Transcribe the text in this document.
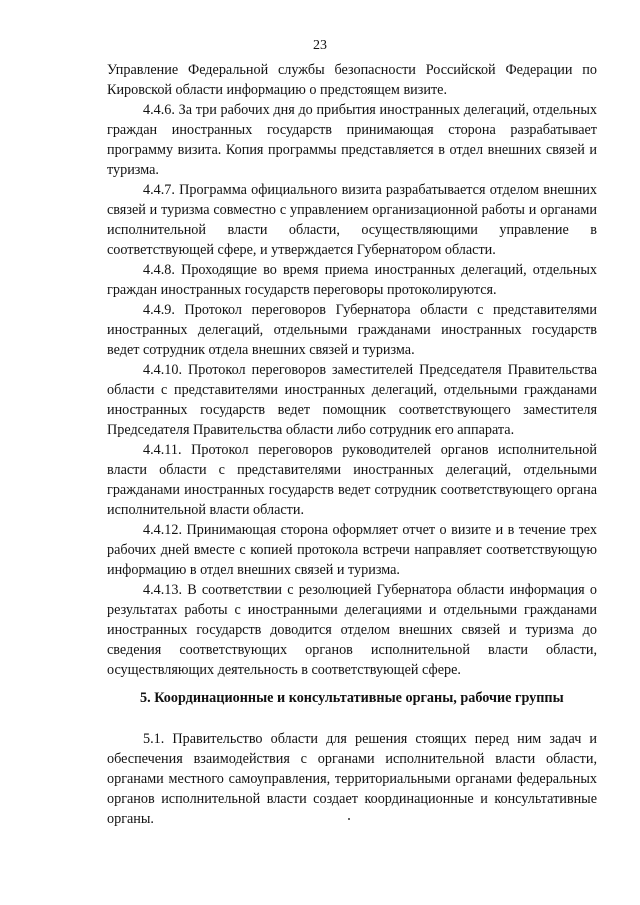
23

Управление Федеральной службы безопасности Российской Федерации по Кировской области информацию о предстоящем визите.

4.4.6. За три рабочих дня до прибытия иностранных делегаций, отдельных граждан иностранных государств принимающая сторона разрабатывает программу визита. Копия программы представляется в отдел внешних связей и туризма.

4.4.7. Программа официального визита разрабатывается отделом внешних связей и туризма совместно с управлением организационной работы и органами исполнительной власти области, осуществляющими управление в соответствующей сфере, и утверждается Губернатором области.

4.4.8. Проходящие во время приема иностранных делегаций, отдельных граждан иностранных государств переговоры протоколируются.

4.4.9. Протокол переговоров Губернатора области с представителями иностранных делегаций, отдельными гражданами иностранных государств ведет сотрудник отдела внешних связей и туризма.

4.4.10. Протокол переговоров заместителей Председателя Правительства области с представителями иностранных делегаций, отдельными гражданами иностранных государств ведет помощник соответствующего заместителя Председателя Правительства области либо сотрудник его аппарата.

4.4.11. Протокол переговоров руководителей органов исполнительной власти области с представителями иностранных делегаций, отдельными гражданами иностранных государств ведет сотрудник соответствующего органа исполнительной власти области.

4.4.12. Принимающая сторона оформляет отчет о визите и в течение трех рабочих дней вместе с копией протокола встречи направляет соответствующую информацию в отдел внешних связей и туризма.

4.4.13. В соответствии с резолюцией Губернатора области информация о результатах работы с иностранными делегациями и отдельными гражданами иностранных государств доводится отделом внешних связей и туризма до сведения соответствующих органов исполнительной власти области, осуществляющих деятельность в соответствующей сфере.

5. Координационные и консультативные органы, рабочие группы

5.1. Правительство области для решения стоящих перед ним задач и обеспечения взаимодействия с органами исполнительной власти области, органами местного самоуправления, территориальными органами федеральных органов исполнительной власти создает координационные и консультативные органы.
